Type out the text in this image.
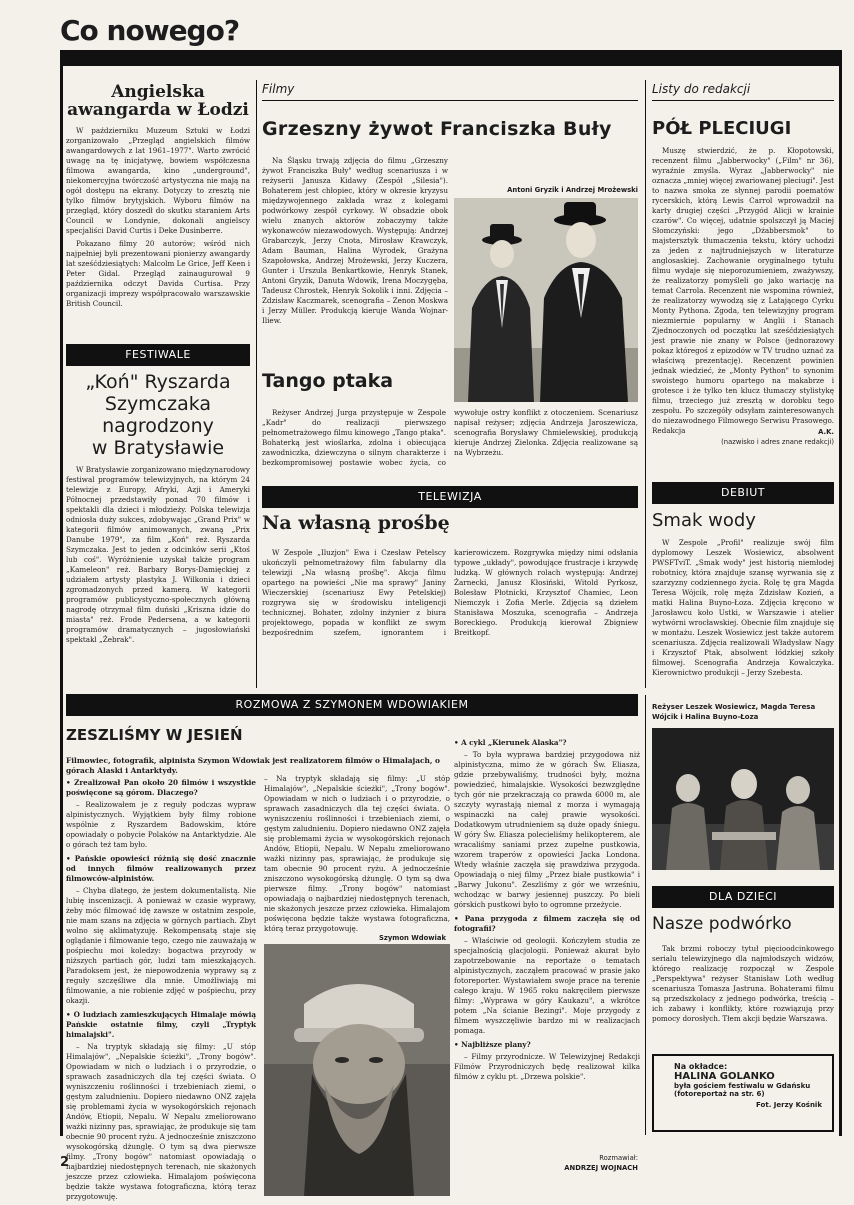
Co nowego?
Angielska
awangarda w Łodzi

W październiku Muzeum Sztuki w Łodzi zorganizowało „Przegląd angielskich filmów awangardowych z lat 1961–1977". Warto zwrócić uwagę na tę inicjatywę, bowiem współczesna filmowa awangarda, kino „underground", niekomercyjna twórczość artystyczna nie mają na ogół dostępu na ekrany. Dotyczy to zresztą nie tylko filmów brytyjskich. Wyboru filmów na przegląd, który doszedł do skutku staraniem Arts Council w Londynie, dokonali angielscy specjaliści David Curtis i Deke Dusinberre.

Pokazano filmy 20 autorów; wśród nich najpełniej byli prezentowani pionierzy awangardy lat sześćdziesiątych: Malcolm Le Grice, Jeff Keen i Peter Gidal. Przegląd zainaugurował 9 października odczyt Davida Curtisa. Przy organizacji imprezy współpracowało warszawskie British Council.

FESTIWALE
„Koń" Ryszarda
Szymczaka
nagrodzony
w Bratysławie

W Bratysławie zorganizowano międzynarodowy festiwal programów telewizyjnych, na którym 24 telewizje z Europy, Afryki, Azji i Ameryki Północnej przedstawiły ponad 70 filmów i spektakli dla dzieci i młodzieży. Polska telewizja odniosła duży sukces, zdobywając „Grand Prix" w kategorii filmów animowanych, zwaną „Prix Danube 1979", za film „Koń" reż. Ryszarda Szymczaka. Jest to jeden z odcinków serii „Ktoś lub coś". Wyróżnienie uzyskał także program „Kameleon" reż. Barbary Borys-Damięckiej z udziałem artysty plastyka J. Wilkonia i dzieci zgromadzonych przed kamerą. W kategorii programów publicystyczno-społecznych główną nagrodę otrzymał film duński „Kriszna idzie do miasta" reż. Frode Pedersena, a w kategorii programów dramatycznych – jugosłowiański spektakl „Żebrak".

Filmy
Grzeszny żywot Franciszka Buły

Na Śląsku trwają zdjęcia do filmu „Grzeszny żywot Franciszka Buły" według scenariusza i w reżyserii Janusza Kidawy (Zespół „Silesia"). Bohaterem jest chłopiec, który w okresie kryzysu międzywojennego zakłada wraz z kolegami podwórkowy zespół cyrkowy. W obsadzie obok wielu znanych aktorów zobaczymy także wykonawców niezawodowych. Występują: Andrzej Grabarczyk, Jerzy Cnota, Mirosław Krawczyk, Adam Bauman, Halina Wyrodek, Grażyna Szapołowska, Andrzej Mrożewski, Jerzy Kuczera, Gunter i Urszula Benkartkowie, Henryk Stanek, Antoni Gryzik, Danuta Wdowik, Irena Moczygęba, Tadeusz Chrostek, Henryk Sokolik i inni. Zdjęcia – Zdzisław Kaczmarek, scenografia – Zenon Moskwa i Jerzy Müller. Produkcją kieruje Wanda Wojnar-Iliew.

Antoni Gryzik i Andrzej Mrożewski
Tango ptaka

Reżyser Andrzej Jurga przystępuje w Zespole „Kadr" do realizacji pierwszego pełnometrażowego filmu kinowego „Tango ptaka". Bohaterką jest wioślarka, zdolna i obiecująca zawodniczka, dziewczyna o silnym charakterze i bezkompromisowej postawie wobec życia, co wywołuje ostry konflikt z otoczeniem. Scenariusz napisał reżyser; zdjęcia Andrzeja Jaroszewicza, scenografia Borysławy Chmielewskiej, produkcją kieruje Andrzej Zielonka. Zdjęcia realizowane są na Wybrzeżu.

TELEWIZJA
Na własną prośbę

W Zespole „Iluzjon" Ewa i Czesław Petelscy ukończyli pełnometrażowy film fabularny dla telewizji „Na własną prośbę". Akcja filmu opartego na powieści „Nie ma sprawy" Janiny Wieczerskiej (scenariusz Ewy Petelskiej) rozgrywa się w środowisku inteligencji technicznej. Bohater, zdolny inżynier z biura projektowego, popada w konflikt ze swym bezpośrednim szefem, ignorantem i karierowiczem. Rozgrywka między nimi odsłania typowe „układy", powodujące frustracje i krzywdę ludzką. W głównych rolach występują: Andrzej Żarnecki, Janusz Kłosiński, Witold Pyrkosz, Bolesław Płotnicki, Krzysztof Chamiec, Leon Niemczyk i Zofia Merle. Zdjęcia są dziełem Stanisława Moszuka, scenografia – Andrzeja Boreckiego. Produkcją kierował Zbigniew Breitkopf.

Listy do redakcji
PÓŁ PLECIUGI

Muszę stwierdzić, że p. Kłopotowski, recenzent filmu „Jabberwocky" („Film" nr 36), wyraźnie zmyśla. Wyraz „Jabberwocky" nie oznacza „mniej więcej zwariowanej pleciugi". Jest to nazwa smoka ze słynnej parodii poematów rycerskich, którą Lewis Carrol wprowadził na karty drugiej części „Przygód Alicji w krainie czarów". Co więcej, udatnie spolszczył ją Maciej Słomczyński: jego „Dżabbersmok" to majstersztyk tłumaczenia tekstu, który uchodzi za jeden z najtrudniejszych w literaturze anglosaskiej. Zachowanie oryginalnego tytułu filmu wydaje się nieporozumieniem, zważywszy, że realizatorzy pomyśleli go jako wariację na temat Carrola. Recenzent nie wspomina również, że realizatorzy wywodzą się z Latającego Cyrku Monty Pythona. Zgoda, ten telewizyjny program niezmiernie popularny w Anglii i Stanach Zjednoczonych od początku lat sześćdziesiątych jest prawie nie znany w Polsce (jednorazowy pokaz któregoś z epizodów w TV trudno uznać za właściwą prezentację). Recenzent powinien jednak wiedzieć, że „Monty Python" to synonim swoistego humoru opartego na makabrze i grotesce i że tylko ten klucz tłumaczy stylistykę filmu, trzeciego już zresztą w dorobku tego zespołu. Po szczegóły odsyłam zainteresowanych do niezawodnego Filmowego Serwisu Prasowego. Redakcja	A.K.
(nazwisko i adres znane redakcji)
DEBIUT
Smak wody

W Zespole „Profil" realizuje swój film dyplomowy Leszek Wosiewicz, absolwent PWSFTviT. „Smak wody" jest historią niemłodej robotnicy, która znajduje szansę wyrwania się z szarzyzny codziennego życia. Rolę tę gra Magda Teresa Wójcik, rolę męża Zdzisław Kozień, a matki Halina Buyno-Łoza. Zdjęcia kręcono w Jarosławcu koło Ustki, w Warszawie i atelier wytwórni wrocławskiej. Obecnie film znajduje się w montażu. Leszek Wosiewicz jest także autorem scenariusza. Zdjęcia realizowali Władysław Nagy i Krzysztof Ptak, absolwent łódzkiej szkoły filmowej. Scenografia Andrzeja Kowalczyka. Kierownictwo produkcji – Jerzy Szebesta.

ROZMOWA Z SZYMONEM WDOWIAKIEM
ZESZLIŚMY W JESIEŃ
Filmowiec, fotografik, alpinista Szymon Wdowiak jest realizatorem filmów o Himalajach, o górach Alaski i Antarktydy.
• Zrealizował Pan około 20 filmów i wszystkie poświęcone są górom. Dlaczego?

– Realizowałem je z reguły podczas wypraw alpinistycznych. Wyjątkiem były filmy robione wspólnie z Ryszardem Badowskim, które opowiadały o pobycie Polaków na Antarktydzie. Ale o górach też tam było.

• Pańskie opowieści różnią się dość znacznie od innych filmów realizowanych przez filmowców-alpinistów.

– Chyba dlatego, że jestem dokumentalistą. Nie lubię inscenizacji. A ponieważ w czasie wyprawy, żeby móc filmować idę zawsze w ostatnim zespole, nie mam szans na zdjęcia w górnych partiach. Zbyt wolno się aklimatyzuję. Rekompensatą staje się oglądanie i filmowanie tego, czego nie zauważają w pośpiechu moi koledzy: bogactwa przyrody w niższych partiach gór, ludzi tam mieszkających. Paradoksem jest, że niepowodzenia wyprawy są z reguły szczęśliwe dla mnie. Umożliwiają mi filmowanie, a nie robienie zdjęć w pośpiechu, przy okazji.

• O ludziach zamieszkujących Himalaje mówią Pańskie ostatnie filmy, czyli „Tryptyk himalajski".

– Na tryptyk składają się filmy: „U stóp Himalajów", „Nepalskie ścieżki", „Trony bogów". Opowiadam w nich o ludziach i o przyrodzie, o sprawach zasadniczych dla tej części świata. O wyniszczeniu roślinności i trzebieniach ziemi, o gęstym zaludnieniu. Dopiero niedawno ONZ zajęła się problemami życia w wysokogórskich rejonach Andów, Etiopii, Nepalu. W Nepalu zmeliorowano ważki nizinny pas, sprawiając, że produkuje się tam obecnie 90 procent ryżu. A jednocześnie zniszczono wysokogórską dżunglę. O tym są dwa pierwsze filmy. „Trony bogów" natomiast opowiadają o najbardziej niedostępnych terenach, nie skażonych jeszcze przez człowieka. Himalajom poświęcona będzie także wystawa fotograficzna, którą teraz przygotowuję.

– Na tryptyk składają się filmy: „U stóp Himalajów", „Nepalskie ścieżki", „Trony bogów". Opowiadam w nich o ludziach i o przyrodzie, o sprawach zasadniczych dla tej części świata. O wyniszczeniu roślinności i trzebieniach ziemi, o gęstym zaludnieniu. Dopiero niedawno ONZ zajęła się problemami życia w wysokogórskich rejonach Andów, Etiopii, Nepalu. W Nepalu zmeliorowano ważki nizinny pas, sprawiając, że produkuje się tam obecnie 90 procent ryżu. A jednocześnie zniszczono wysokogórską dżunglę. O tym są dwa pierwsze filmy. „Trony bogów" natomiast opowiadają o najbardziej niedostępnych terenach, nie skażonych jeszcze przez człowieka. Himalajom poświęcona będzie także wystawa fotograficzna, którą teraz przygotowuję.

Szymon Wdowiak
• A cykl „Kierunek Alaska"?

– To była wyprawa bardziej przygodowa niż alpinistyczna, mimo że w górach Św. Eliasza, gdzie przebywaliśmy, trudności były, można powiedzieć, himalajskie. Wysokości bezwzględne tych gór nie przekraczają co prawda 6000 m, ale szczyty wyrastają niemal z morza i wymagają wspinaczki na całej prawie wysokości. Dodatkowym utrudnieniem są duże opady śniegu. W góry Św. Eliasza polecieliśmy helikopterem, ale wracaliśmy saniami przez zupełne pustkowia, wzorem traperów z opowieści Jacka Londona. Wtedy właśnie zaczęła się prawdziwa przygoda. Opowiadają o niej filmy „Przez białe pustkowia" i „Barwy Jukonu". Zeszliśmy z gór we wrześniu, wchodząc w barwy jesiennej puszczy. Po bieli górskich pustkowi było to ogromne przeżycie.

• Pana przygoda z filmem zaczęła się od fotografii?

– Właściwie od geologii. Kończyłem studia ze specjalnością glacjologii. Ponieważ akurat było zapotrzebowanie na reportaże o tematach alpinistycznych, zacząłem pracować w prasie jako fotoreporter. Wystawiałem swoje prace na terenie całego kraju. W 1965 roku nakręciłem pierwsze filmy: „Wyprawa w góry Kaukazu", a wkrótce potem „Na ścianie Bezingi". Moje przygody z filmem wyszczęliwie bardzo mi w realizacjach pomaga.

• Najbliższe plany?

– Filmy przyrodnicze. W Telewizyjnej Redakcji Filmów Przyrodniczych będę realizował kilka filmów z cyklu pt. „Drzewa polskie".

Rozmawiał:
ANDRZEJ WOJNACH
Reżyser Leszek Wosiewicz, Magda Teresa Wójcik i Halina Buyno-Łoza
DLA DZIECI
Nasze podwórko

Tak brzmi roboczy tytuł pięcioodcinkowego serialu telewizyjnego dla najmłodszych widzów, którego realizację rozpoczął w Zespole „Perspektywa" reżyser Stanisław Loth według scenariusza Tomasza Jastruna. Bohaterami filmu są przedszkolacy z jednego podwórka, treścią – ich zabawy i konflikty, które rozwiązują przy pomocy dorosłych. Tłem akcji będzie Warszawa.

Na okładce:
HALINA GOLANKO
była gościem festiwalu w Gdańsku
(fotoreportaż na str. 6)
Fot. Jerzy Kośnik
2
